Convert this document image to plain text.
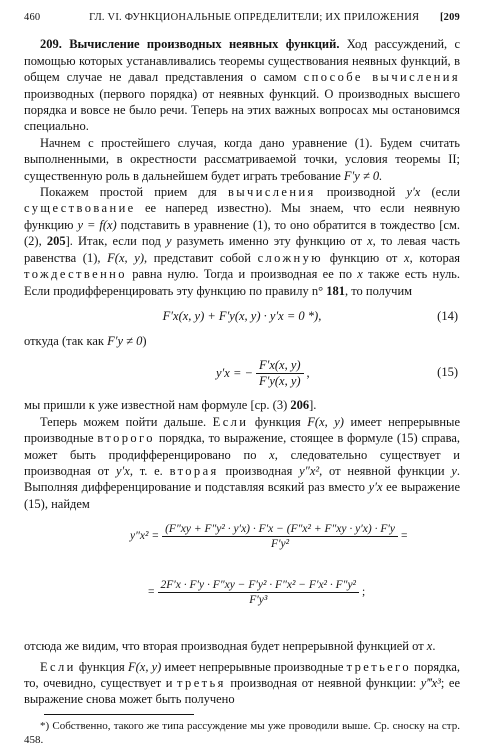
460	ГЛ. VI. ФУНКЦИОНАЛЬНЫЕ ОПРЕДЕЛИТЕЛИ; ИХ ПРИЛОЖЕНИЯ	[209

209. Вычисление производных неявных функций. Ход рассуждений, с помощью которых устанавливались теоремы существования неявных функций, в общем случае не давал представления о самом способе вычисления производных (первого порядка) от неявных функций. О производных высшего порядка и вовсе не было речи. Теперь на этих важных вопросах мы остановимся специально.

Начнем с простейшего случая, когда дано уравнение (1). Будем считать выполненными, в окрестности рассматриваемой точки, условия теоремы II; существенную роль в дальнейшем будет играть требование F′y ≠ 0.

Покажем простой прием для вычисления производной y′x (если существование ее наперед известно). Мы знаем, что если неявную функцию y = f(x) подставить в уравнение (1), то оно обратится в тождество [см. (2), 205]. Итак, если под y разуметь именно эту функцию от x, то левая часть равенства (1), F(x, y), представит собой сложную функцию от x, которая тождественно равна нулю. Тогда и производная ее по x также есть нуль. Если продифференцировать эту функцию по правилу n° 181, то получим

F′x(x, y) + F′y(x, y) · y′x = 0 *),	(14)

откуда (так как F′y ≠ 0)

y′x = − $\frac{F'x(x, y)}{F'y(x, y)}$ ,	(15)

мы пришли к уже известной нам формуле [ср. (3) 206].

Теперь можем пойти дальше. Если функция F(x, y) имеет непрерывные производные второго порядка, то выражение, стоящее в формуле (15) справа, может быть продифференцировано по x, следовательно существует и производная от y′x, т. е. вторая производная y″x², от неявной функции y. Выполняя дифференцирование и подставляя всякий раз вместо y′x ее выражение (15), найдем

$y''x^2 = \frac{\text{(F″xy + F″y² · y′x) · F′x − (F″x² + F″xy · y′x) · F′y}}{\text{F′y²}}$ =
= $\frac{\text{2F′x · F′y · F″xy − F′y² · F″x² − F′x² · F″y²}}{\text{F′y³}}$ ;

отсюда же видим, что вторая производная будет непрерывной функцией от x.

Если функция F(x, y) имеет непрерывные производные третьего порядка, то, очевидно, существует и третья производная от неявной функции: y‴x³; ее выражение снова может быть получено

*) Собственно, такого же типа рассуждение мы уже проводили выше. Ср. сноску на стр. 458.
